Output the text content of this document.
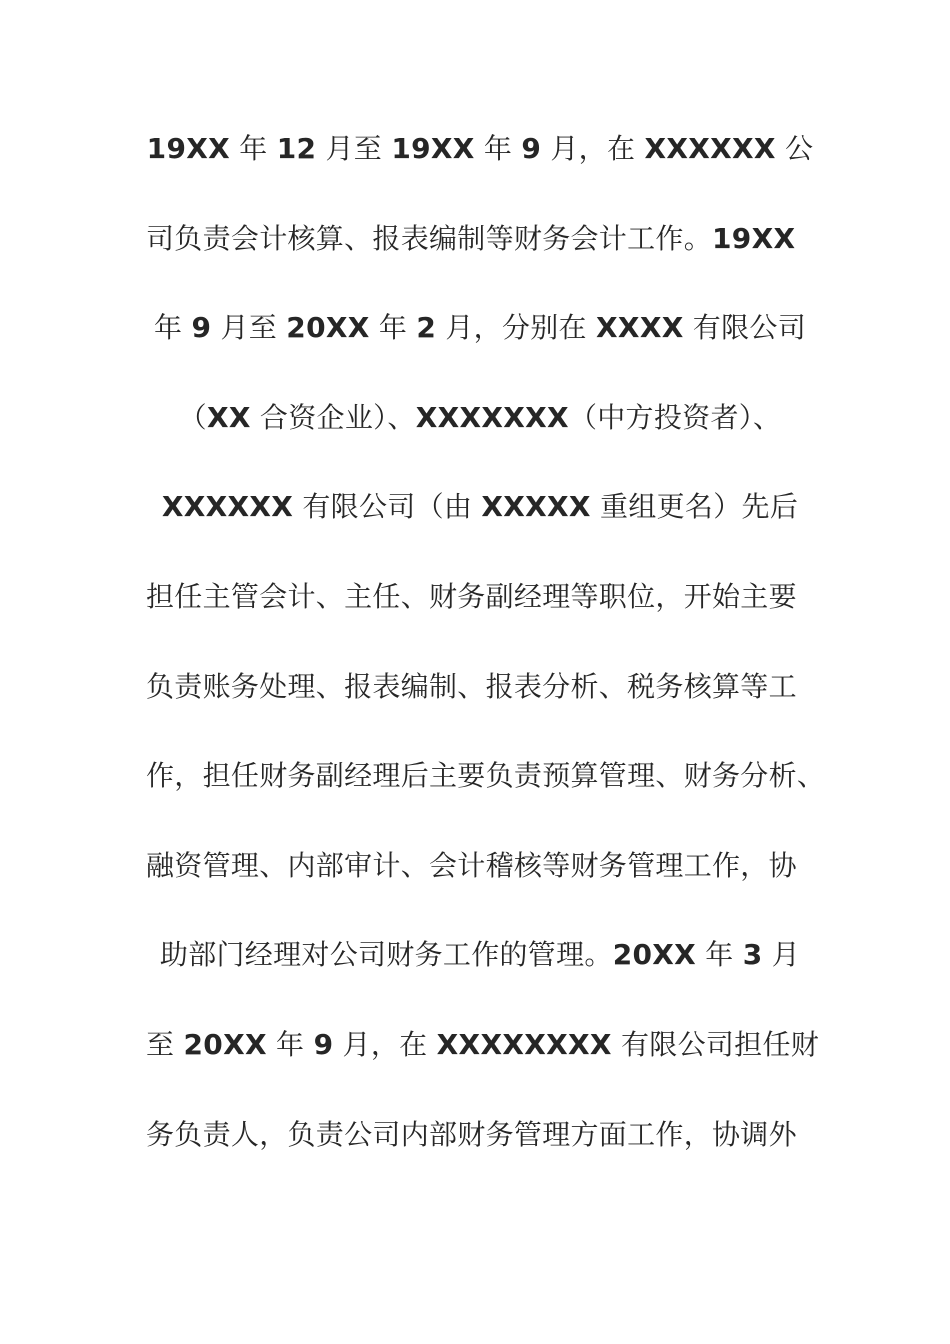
19XX 年 12 月至 19XX 年 9 月，在 XXXXXX 公
司负责会计核算、报表编制等财务会计工作。19XX
年 9 月至 20XX 年 2 月，分别在 XXXX 有限公司
（XX 合资企业）、XXXXXXX（中方投资者）、
XXXXXX 有限公司（由 XXXXX 重组更名）先后
担任主管会计、主任、财务副经理等职位，开始主要
负责账务处理、报表编制、报表分析、税务核算等工
作，担任财务副经理后主要负责预算管理、财务分析、
融资管理、内部审计、会计稽核等财务管理工作，协
助部门经理对公司财务工作的管理。20XX 年 3 月
至 20XX 年 9 月，在 XXXXXXXX 有限公司担任财
务负责人，负责公司内部财务管理方面工作，协调外
